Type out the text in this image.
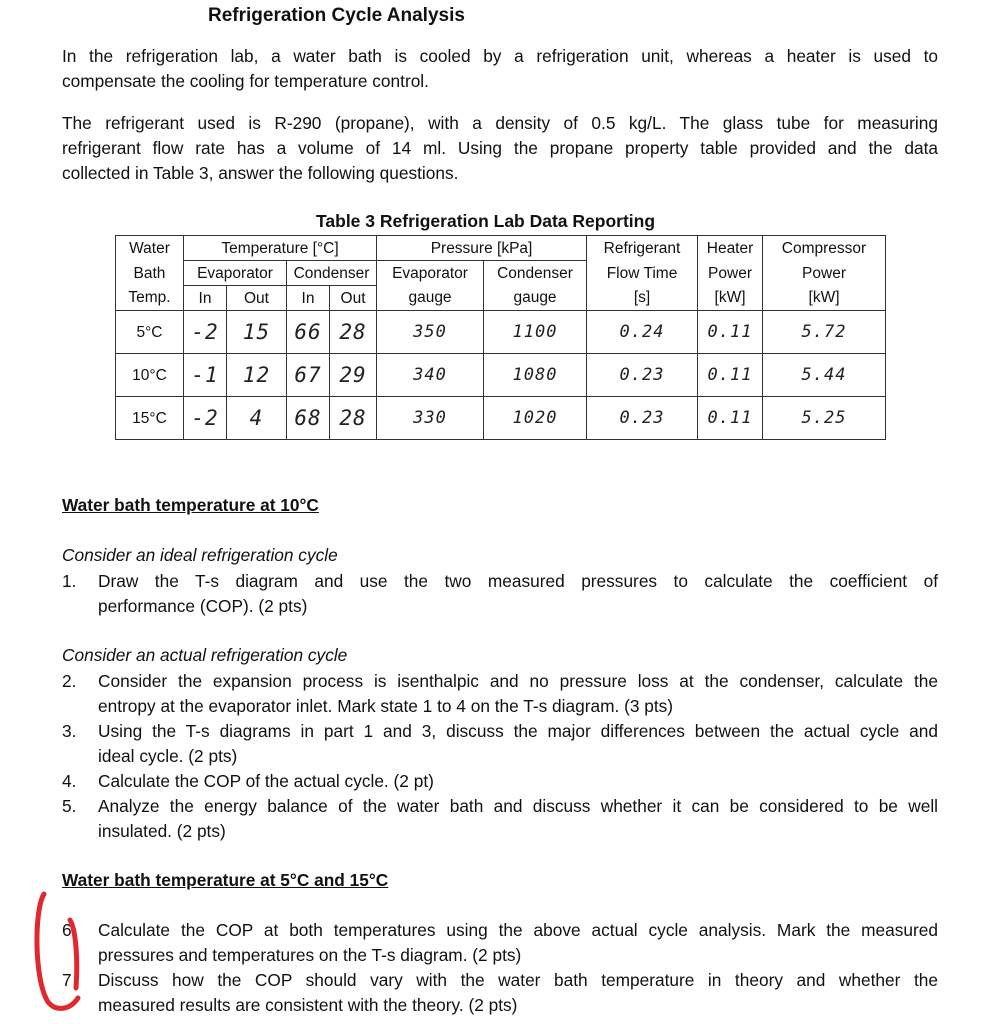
Refrigeration Cycle Analysis
In the refrigeration lab, a water bath is cooled by a refrigeration unit, whereas a heater is used to
compensate the cooling for temperature control.
The refrigerant used is R-290 (propane), with a density of 0.5 kg/L. The glass tube for measuring
refrigerant flow rate has a volume of 14 ml. Using the propane property table provided and the data
collected in Table 3, answer the following questions.
Table 3 Refrigeration Lab Data Reporting
Water	Temperature [°C]				Pressure [kPa]		Refrigerant	Heater	Compressor
Bath	Evaporator		Condenser		Evaporator	Condenser	Flow Time	Power	Power
Temp.	In	Out	In	Out	gauge	gauge	[s]	[kW]	[kW]
5°C	-2	15	66	28	350	1100	0.24	0.11	5.72
10°C	-1	12	67	29	340	1080	0.23	0.11	5.44
15°C	-2	4	68	28	330	1020	0.23	0.11	5.25
Water bath temperature at 10°C
Consider an ideal refrigeration cycle
1. Draw the T-s diagram and use the two measured pressures to calculate the coefficient of
performance (COP). (2 pts)
Consider an actual refrigeration cycle
2. Consider the expansion process is isenthalpic and no pressure loss at the condenser, calculate the
entropy at the evaporator inlet. Mark state 1 to 4 on the T-s diagram. (3 pts)
3. Using the T-s diagrams in part 1 and 3, discuss the major differences between the actual cycle and
ideal cycle. (2 pts)
4. Calculate the COP of the actual cycle. (2 pt)
5. Analyze the energy balance of the water bath and discuss whether it can be considered to be well
insulated. (2 pts)
Water bath temperature at 5°C and 15°C
6 Calculate the COP at both temperatures using the above actual cycle analysis. Mark the measured
pressures and temperatures on the T-s diagram. (2 pts)
7 Discuss how the COP should vary with the water bath temperature in theory and whether the
measured results are consistent with the theory. (2 pts)
